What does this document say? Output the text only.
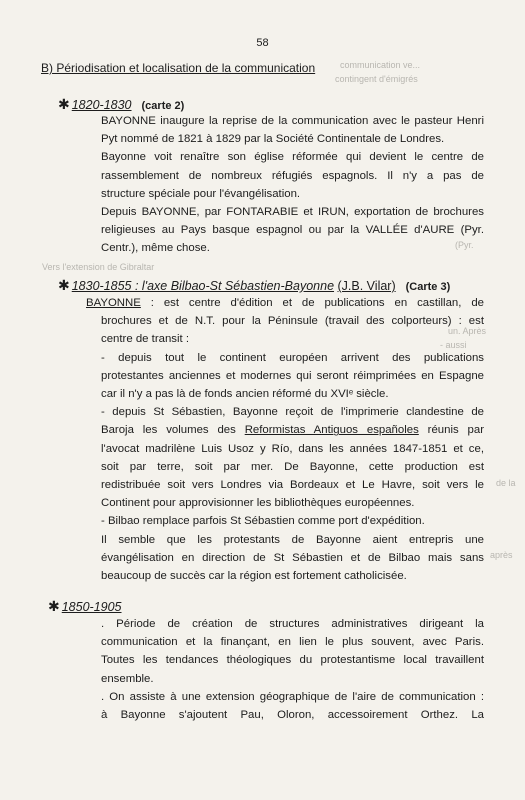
communication ve...
contingent d'émigrés
(Pyr.
Vers l'extension de Gibraltar
- aussi
un. Après
de la
après
58
B) Périodisation et localisation de la communication
✱ 1820-1830 (carte 2)
BAYONNE inaugure la reprise de la communication avec le pasteur Henri
Pyt nommé de 1821 à 1829 par la Société Continentale de Londres.
Bayonne voit renaître son église réformée qui devient le centre de
rassemblement de nombreux réfugiés espagnols. Il n'y a pas de
structure spéciale pour l'évangélisation.
Depuis BAYONNE, par FONTARABIE et IRUN, exportation de brochures
religieuses au Pays basque espagnol ou par la VALLÉE d'AURE (Pyr.
Centr.), même chose.
✱ 1830-1855 : l'axe Bilbao-St Sébastien-Bayonne (J.B. Vilar) (Carte 3)
BAYONNE : est centre d'édition et de publications en castillan, de
brochures et de N.T. pour la Péninsule (travail des colporteurs) : est
centre de transit :
- depuis tout le continent européen arrivent des publications
protestantes anciennes et modernes qui seront réimprimées en Espagne
car il n'y a pas là de fonds ancien réformé du XVIᵉ siècle.
- depuis St Sébastien, Bayonne reçoit de l'imprimerie clandestine de
Baroja les volumes des Reformistas Antiguos españoles réunis par
l'avocat madrilène Luis Usoz y Río, dans les années 1847-1851 et ce,
soit par terre, soit par mer. De Bayonne, cette production est
redistribuée soit vers Londres via Bordeaux et Le Havre, soit vers le
Continent pour approvisionner les bibliothèques européennes.
- Bilbao remplace parfois St Sébastien comme port d'expédition.
Il semble que les protestants de Bayonne aient entrepris une
évangélisation en direction de St Sébastien et de Bilbao mais sans
beaucoup de succès car la région est fortement catholicisée.
✱ 1850-1905
. Période de création de structures administratives dirigeant la
communication et la finançant, en lien le plus souvent, avec Paris.
Toutes les tendances théologiques du protestantisme local travaillent
ensemble.
. On assiste à une extension géographique de l'aire de communication :
à Bayonne s'ajoutent Pau, Oloron, accessoirement Orthez. La
